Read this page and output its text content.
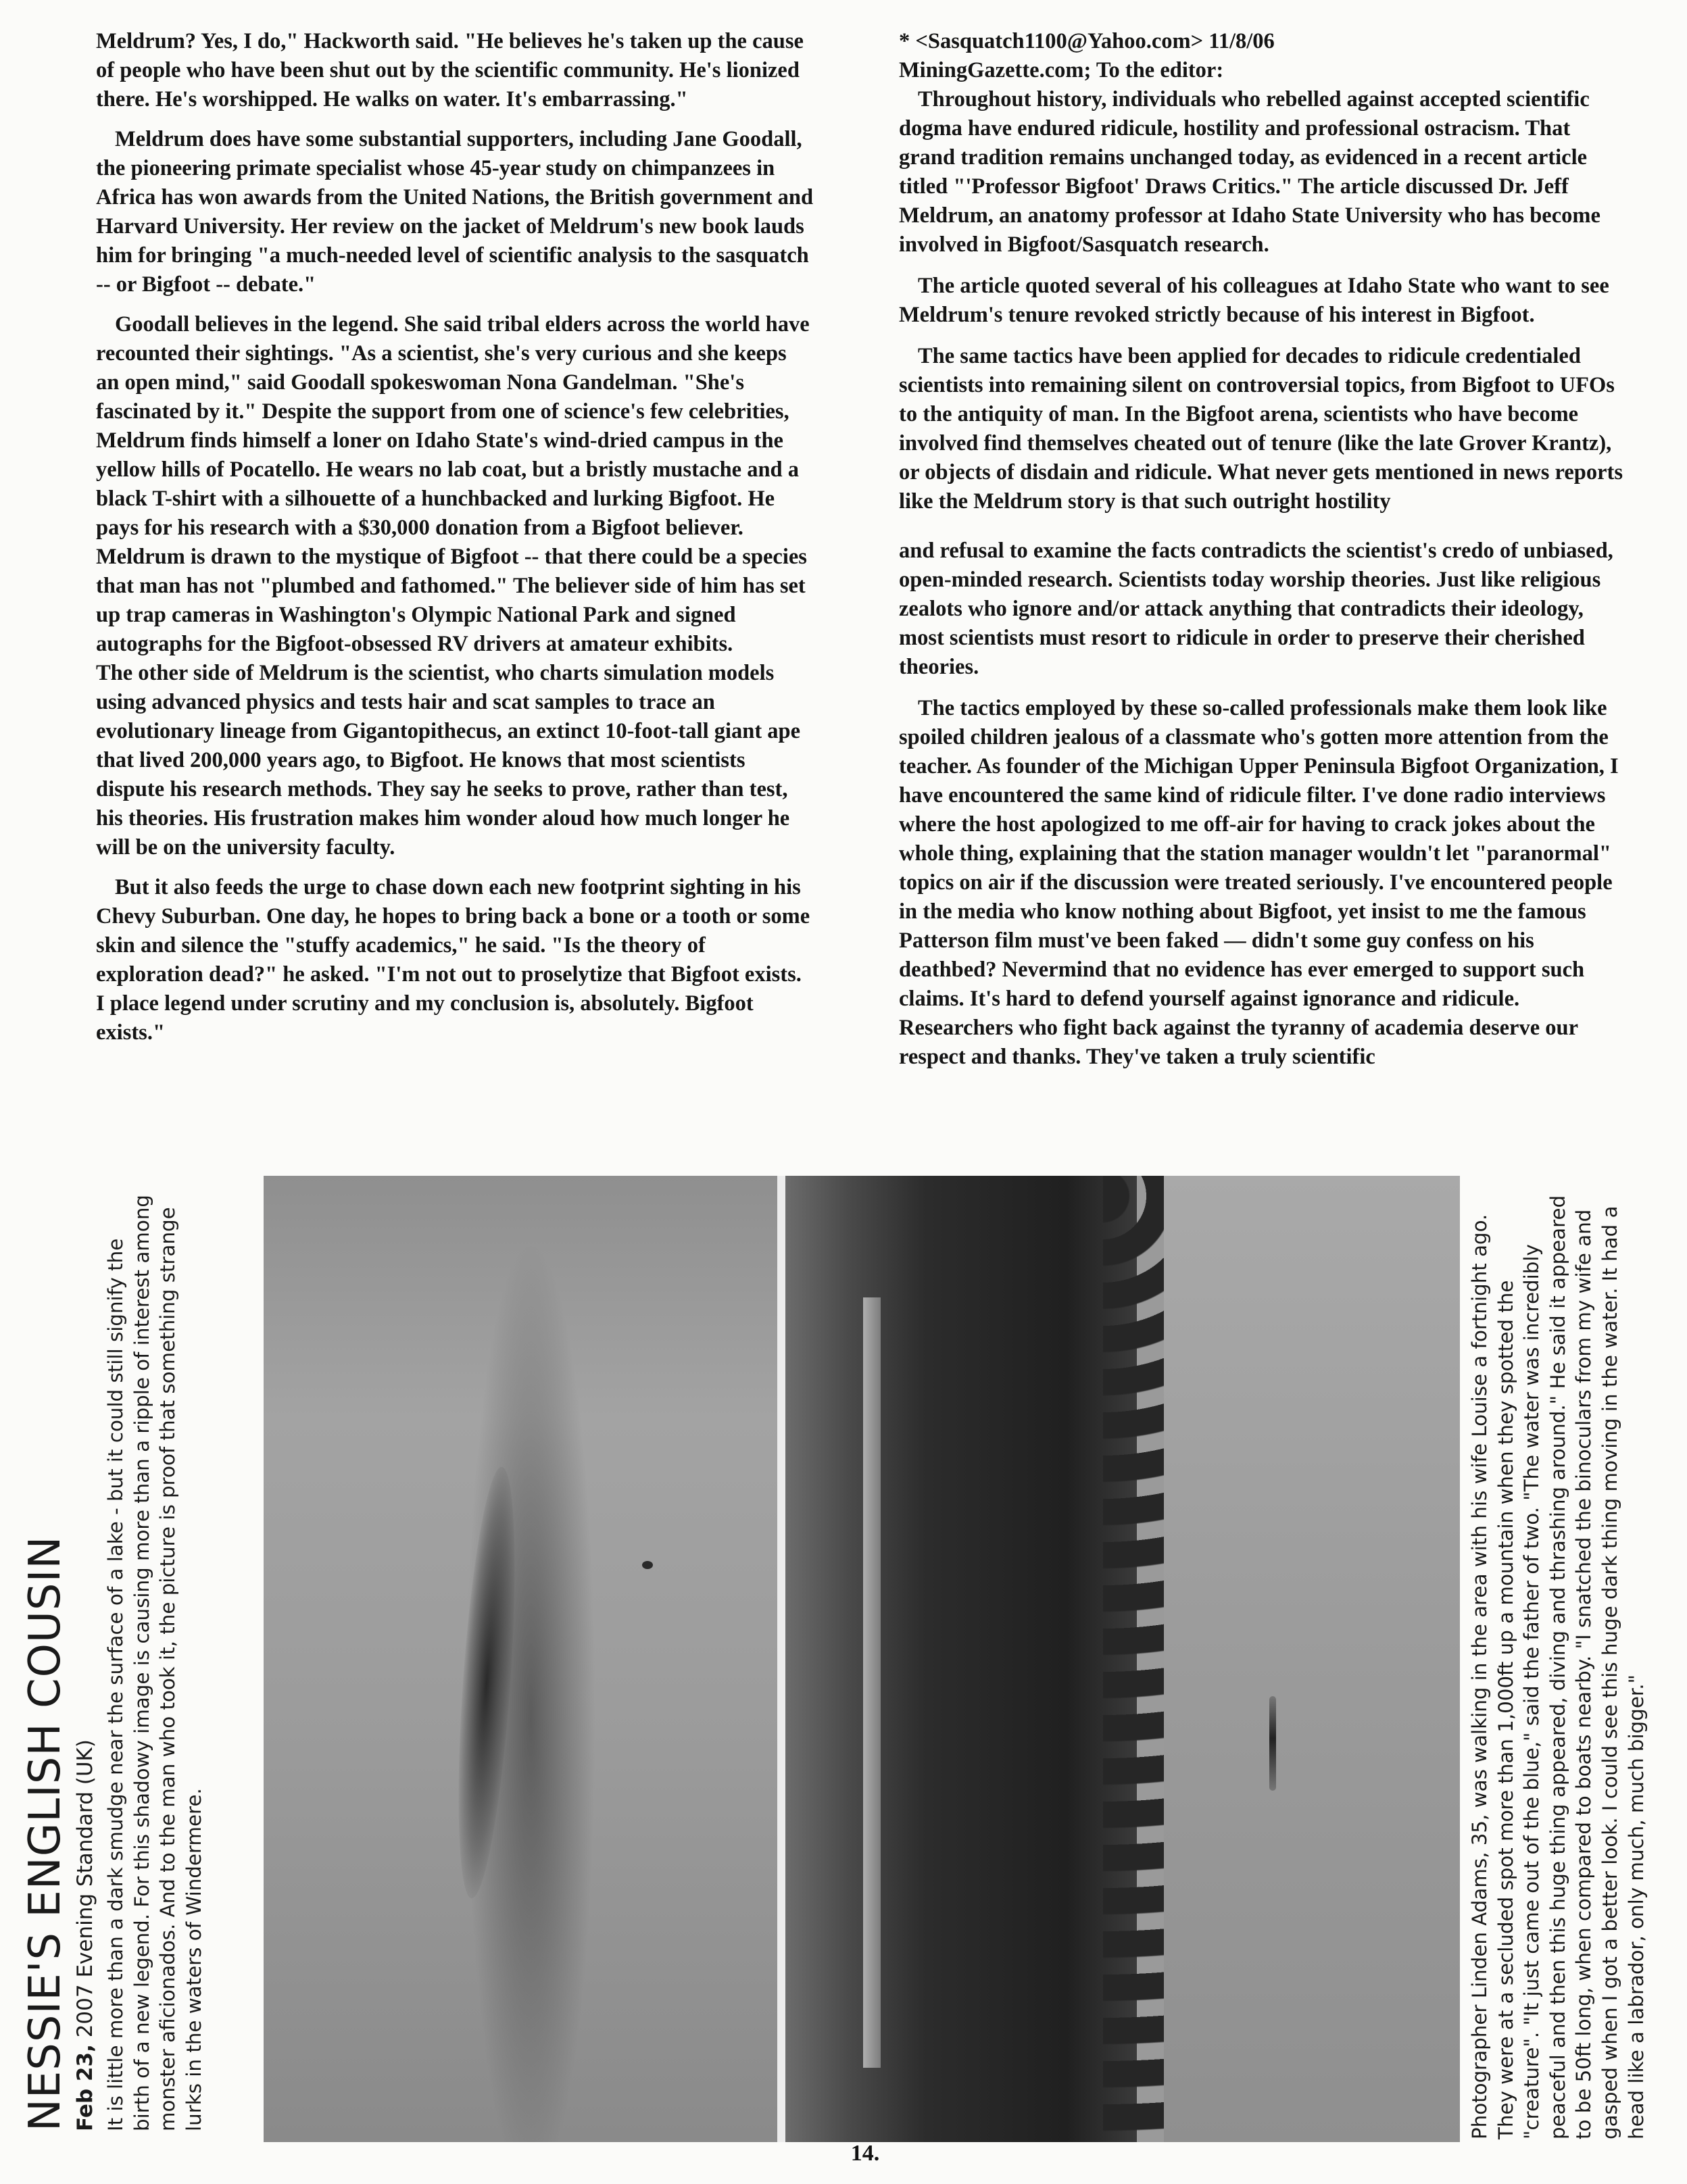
Meldrum? Yes, I do," Hackworth said. "He believes he's taken up the cause of people who have been shut out by the scientific community. He's lionized there. He's worshipped. He walks on water. It's embarrassing."

Meldrum does have some substantial supporters, including Jane Goodall, the pioneering primate specialist whose 45-year study on chimpanzees in Africa has won awards from the United Nations, the British government and Harvard University. Her review on the jacket of Meldrum's new book lauds him for bringing "a much-needed level of scientific analysis to the sasquatch -- or Bigfoot -- debate."

Goodall believes in the legend. She said tribal elders across the world have recounted their sightings. "As a scientist, she's very curious and she keeps an open mind," said Goodall spokeswoman Nona Gandelman. "She's fascinated by it." Despite the support from one of science's few celebrities, Meldrum finds himself a loner on Idaho State's wind-dried campus in the yellow hills of Pocatello. He wears no lab coat, but a bristly mustache and a black T-shirt with a silhouette of a hunchbacked and lurking Bigfoot. He pays for his research with a $30,000 donation from a Bigfoot believer. Meldrum is drawn to the mystique of Bigfoot -- that there could be a species that man has not "plumbed and fathomed." The believer side of him has set up trap cameras in Washington's Olympic National Park and signed autographs for the Bigfoot-obsessed RV drivers at amateur exhibits.

The other side of Meldrum is the scientist, who charts simulation models using advanced physics and tests hair and scat samples to trace an evolutionary lineage from Gigantopithecus, an extinct 10-foot-tall giant ape that lived 200,000 years ago, to Bigfoot. He knows that most scientists dispute his research methods. They say he seeks to prove, rather than test, his theories. His frustration makes him wonder aloud how much longer he will be on the university faculty.

But it also feeds the urge to chase down each new footprint sighting in his Chevy Suburban. One day, he hopes to bring back a bone or a tooth or some skin and silence the "stuffy academics," he said. "Is the theory of exploration dead?" he asked. "I'm not out to proselytize that Bigfoot exists. I place legend under scrutiny and my conclusion is, absolutely. Bigfoot exists."

* <Sasquatch1100@Yahoo.com> 11/8/06

MiningGazette.com; To the editor:

Throughout history, individuals who rebelled against accepted scientific dogma have endured ridicule, hostility and professional ostracism. That grand tradition remains unchanged today, as evidenced in a recent article titled "'Professor Bigfoot' Draws Critics." The article discussed Dr. Jeff Meldrum, an anatomy professor at Idaho State University who has become involved in Bigfoot/Sasquatch research.

The article quoted several of his colleagues at Idaho State who want to see Meldrum's tenure revoked strictly because of his interest in Bigfoot.

The same tactics have been applied for decades to ridicule credentialed scientists into remaining silent on controversial topics, from Bigfoot to UFOs to the antiquity of man. In the Bigfoot arena, scientists who have become involved find themselves cheated out of tenure (like the late Grover Krantz), or objects of disdain and ridicule. What never gets mentioned in news reports like the Meldrum story is that such outright hostility

and refusal to examine the facts contradicts the scientist's credo of unbiased, open-minded research. Scientists today worship theories. Just like religious zealots who ignore and/or attack anything that contradicts their ideology, most scientists must resort to ridicule in order to preserve their cherished theories.

The tactics employed by these so-called professionals make them look like spoiled children jealous of a classmate who's gotten more attention from the teacher. As founder of the Michigan Upper Peninsula Bigfoot Organization, I have encountered the same kind of ridicule filter. I've done radio interviews where the host apologized to me off-air for having to crack jokes about the whole thing, explaining that the station manager wouldn't let "paranormal" topics on air if the discussion were treated seriously. I've encountered people in the media who know nothing about Bigfoot, yet insist to me the famous Patterson film must've been faked — didn't some guy confess on his deathbed? Nevermind that no evidence has ever emerged to support such claims. It's hard to defend yourself against ignorance and ridicule. Researchers who fight back against the tyranny of academia deserve our respect and thanks. They've taken a truly scientific

NESSIE'S ENGLISH COUSIN Feb 23, 2007 Evening Standard (UK) It is little more than a dark smudge near the surface of a lake - but it could still signify the birth of a new legend. For this shadowy image is causing more than a ripple of interest among monster aficionados. And to the man who took it, the picture is proof that something strange lurks in the waters of Windermere.	Photographer Linden Adams, 35, was walking in the area with his wife Louise a fortnight ago. They were at a secluded spot more than 1,000ft up a mountain when they spotted the "creature". "It just came out of the blue," said the father of two. "The water was incredibly peaceful and then this huge thing appeared, diving and thrashing around." He said it appeared to be 50ft long, when compared to boats nearby. "I snatched the binoculars from my wife and gasped when I got a better look. I could see this huge dark thing moving in the water. It had a head like a labrador, only much, much bigger."
14.
